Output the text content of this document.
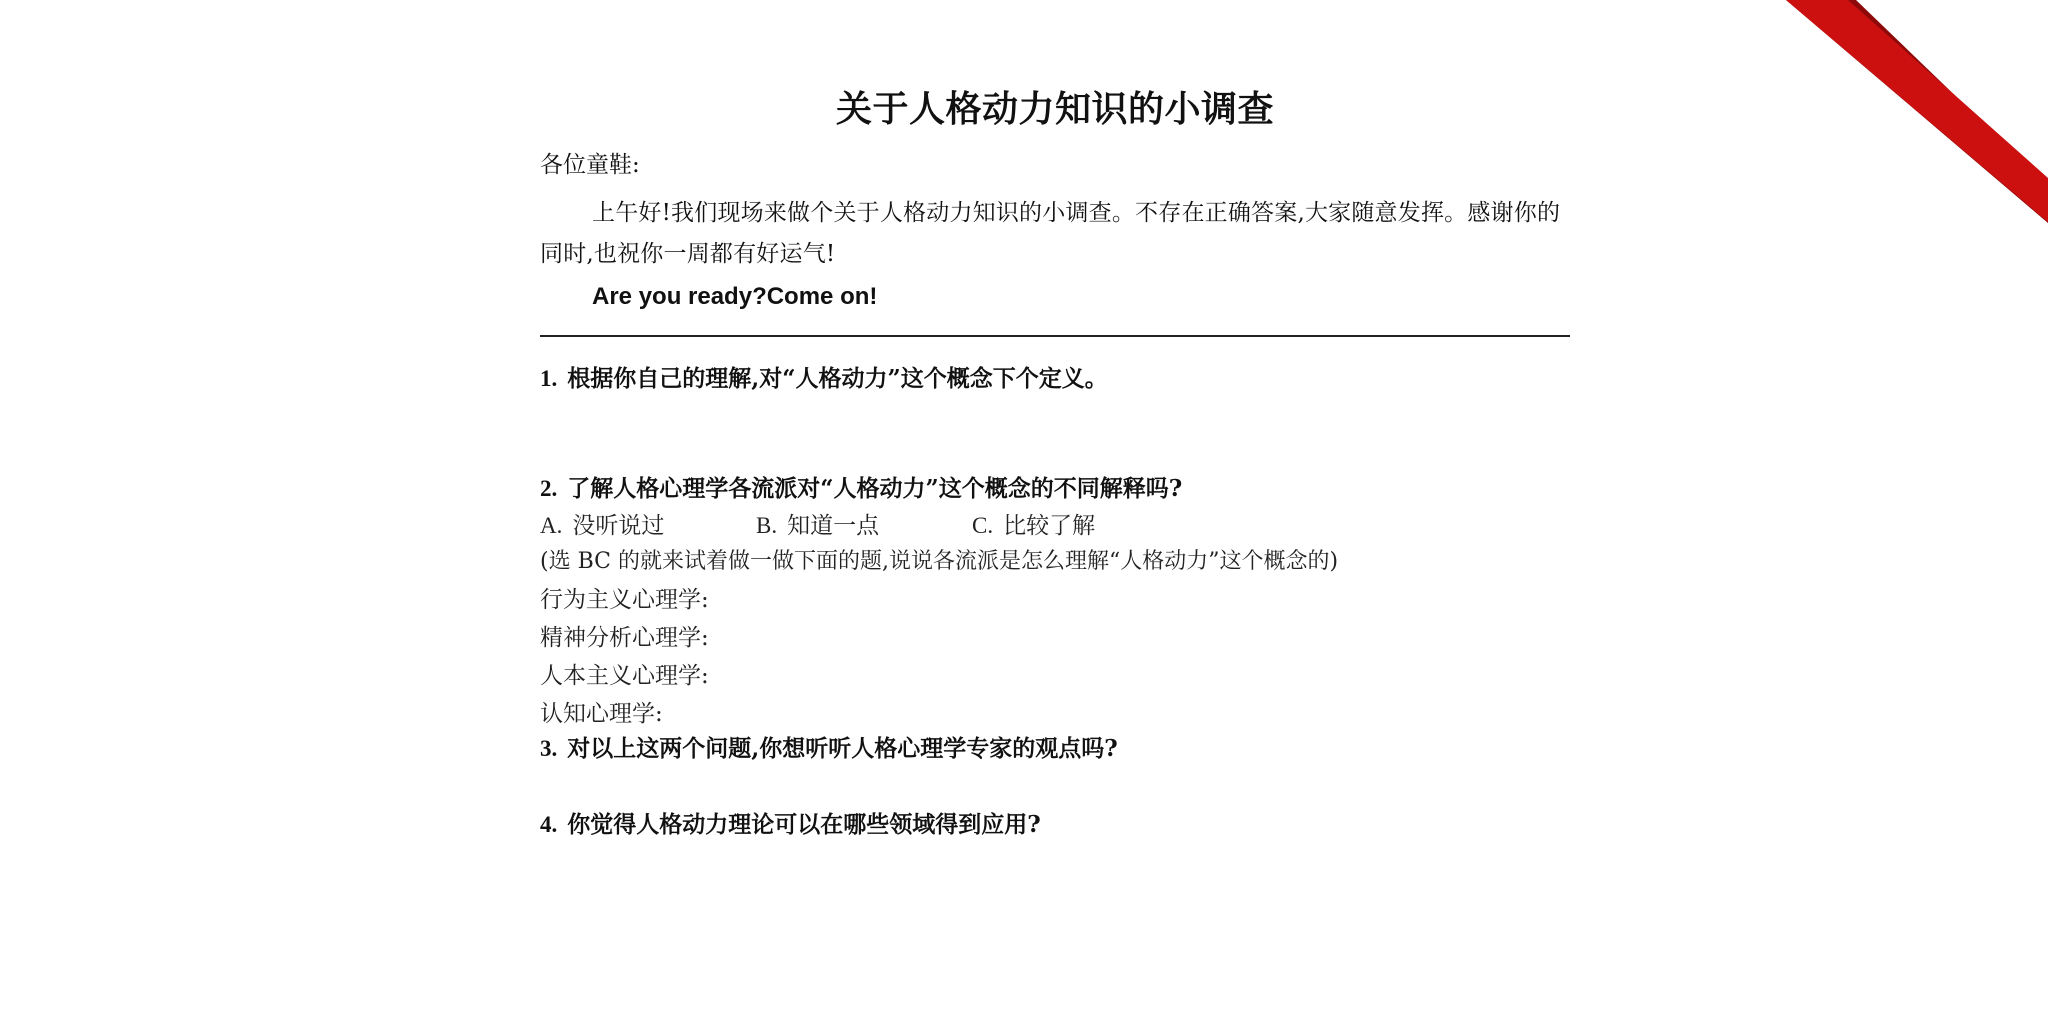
关于人格动力知识的小调查
各位童鞋:

上午好!我们现场来做个关于人格动力知识的小调查。不存在正确答案,大家随意发挥。感谢你的同时,也祝你一周都有好运气!

Are you ready?Come on!
1. 根据你自己的理解,对“人格动力”这个概念下个定义。
2. 了解人格心理学各流派对“人格动力”这个概念的不同解释吗?
A. 没听说过	B. 知道一点	C. 比较了解
(选 BC 的就来试着做一做下面的题,说说各流派是怎么理解“人格动力”这个概念的)
行为主义心理学:
精神分析心理学:
人本主义心理学:
认知心理学:
3. 对以上这两个问题,你想听听人格心理学专家的观点吗?
4. 你觉得人格动力理论可以在哪些领域得到应用?
